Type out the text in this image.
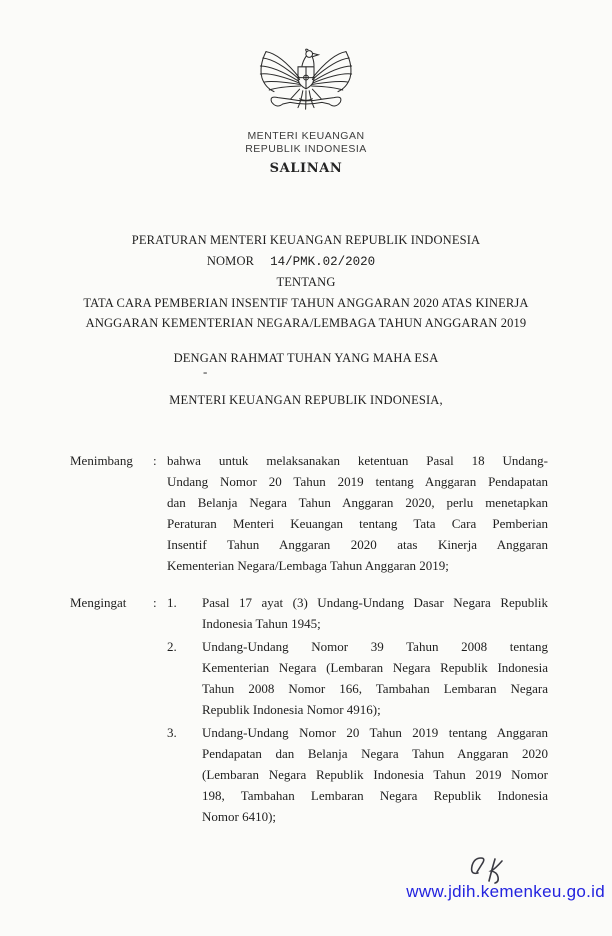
MENTERI KEUANGAN
REPUBLIK INDONESIA
SALINAN
PERATURAN MENTERI KEUANGAN REPUBLIK INDONESIA
NOMOR 14/PMK.02/2020
TENTANG
TATA CARA PEMBERIAN INSENTIF TAHUN ANGGARAN 2020 ATAS KINERJA
ANGGARAN KEMENTERIAN NEGARA/LEMBAGA TAHUN ANGGARAN 2019
DENGAN RAHMAT TUHAN YANG MAHA ESA
-
MENTERI KEUANGAN REPUBLIK INDONESIA,
Menimbang	: bahwa untuk melaksanakan ketentuan Pasal 18 Undang-
Undang Nomor 20 Tahun 2019 tentang Anggaran Pendapatan
dan Belanja Negara Tahun Anggaran 2020, perlu menetapkan
Peraturan Menteri Keuangan tentang Tata Cara Pemberian
Insentif Tahun Anggaran 2020 atas Kinerja Anggaran
Kementerian Negara/Lembaga Tahun Anggaran 2019;
Mengingat	: 1.	Pasal 17 ayat (3) Undang-Undang Dasar Negara Republik
Indonesia Tahun 1945;
2.	Undang-Undang Nomor 39 Tahun 2008 tentang
Kementerian Negara (Lembaran Negara Republik Indonesia
Tahun 2008 Nomor 166, Tambahan Lembaran Negara
Republik Indonesia Nomor 4916);
3.	Undang-Undang Nomor 20 Tahun 2019 tentang Anggaran
Pendapatan dan Belanja Negara Tahun Anggaran 2020
(Lembaran Negara Republik Indonesia Tahun 2019 Nomor
198, Tambahan Lembaran Negara Republik Indonesia
Nomor 6410);
www.jdih.kemenkeu.go.id
